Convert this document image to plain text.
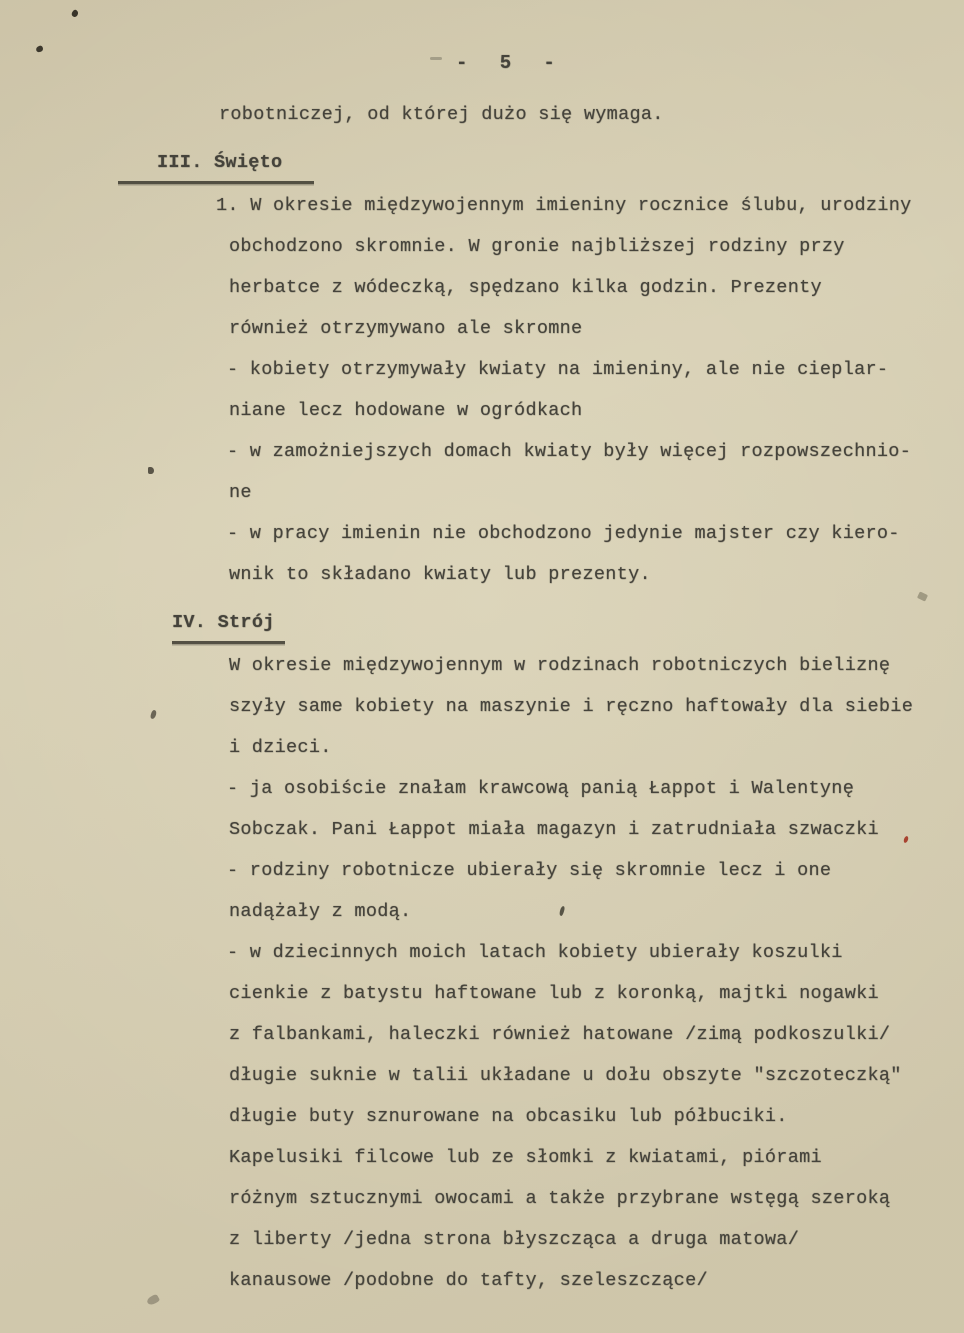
- 5 -
robotniczej, od której dużo się wymaga.
III. Święto
1. W okresie międzywojennym imieniny rocznice ślubu, urodziny
obchodzono skromnie. W gronie najbliższej rodziny przy
herbatce z wódeczką, spędzano kilka godzin. Prezenty
również otrzymywano ale skromne
- kobiety otrzymywały kwiaty na imieniny, ale nie cieplar-
niane lecz hodowane w ogródkach
- w zamożniejszych domach kwiaty były więcej rozpowszechnio-
ne
- w pracy imienin nie obchodzono jedynie majster czy kiero-
wnik to składano kwiaty lub prezenty.
IV. Strój
W okresie międzywojennym w rodzinach robotniczych bieliznę
szyły same kobiety na maszynie i ręczno haftowały dla siebie
i dzieci.
- ja osobiście znałam krawcową panią Łappot i Walentynę
Sobczak. Pani Łappot miała magazyn i zatrudniała szwaczki
- rodziny robotnicze ubierały się skromnie lecz i one
nadążały z modą.
- w dziecinnych moich latach kobiety ubierały koszulki
cienkie z batystu haftowane lub z koronką, majtki nogawki
z falbankami, haleczki również hatowane /zimą podkoszulki/
długie suknie w talii układane u dołu obszyte "szczoteczką"
długie buty sznurowane na obcasiku lub półbuciki.
Kapelusiki filcowe lub ze słomki z kwiatami, piórami
różnym sztucznymi owocami a także przybrane wstęgą szeroką
z liberty /jedna strona błyszcząca a druga matowa/
kanausowe /podobne do tafty, szeleszczące/
